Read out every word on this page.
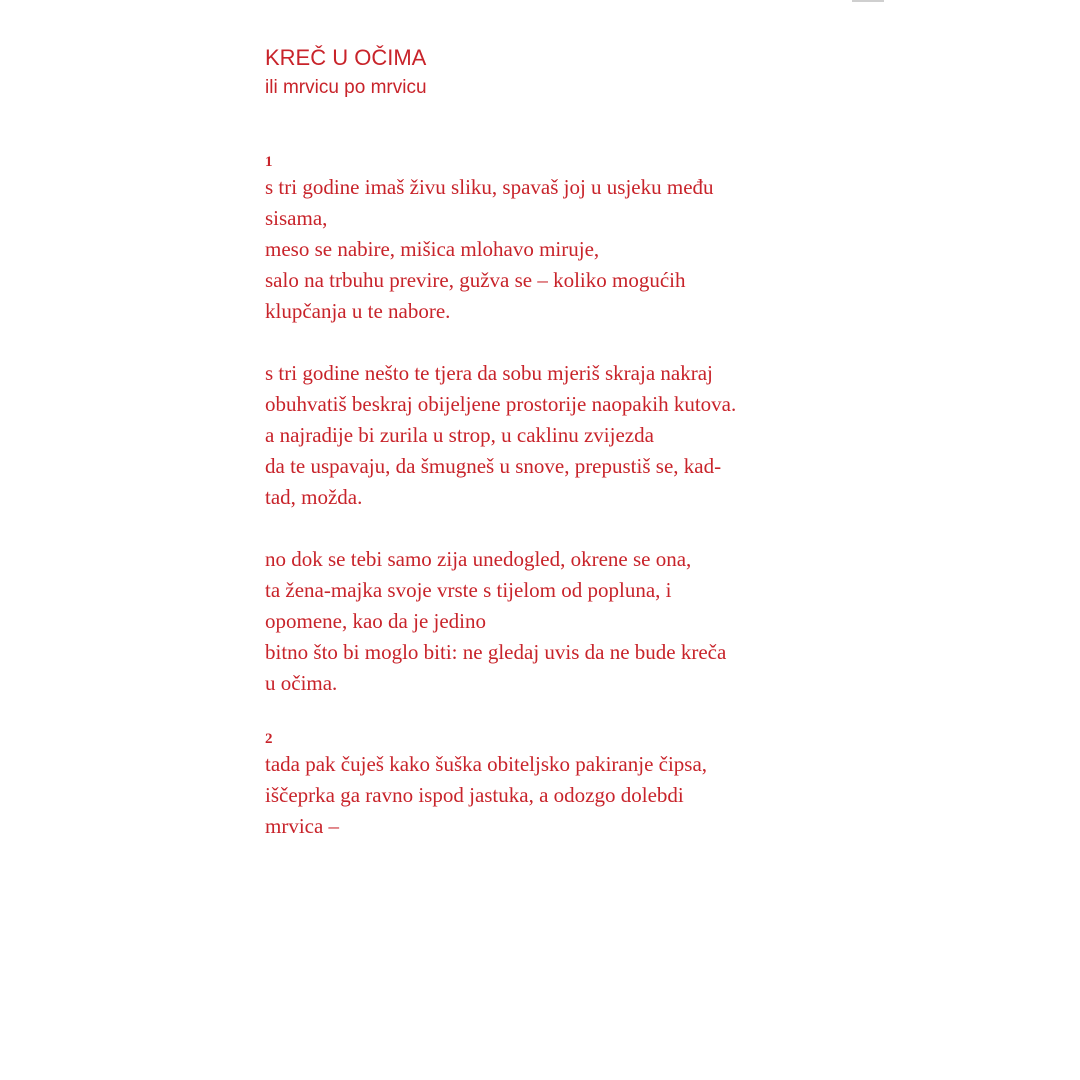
KREČ U OČIMA
ili mrvicu po mrvicu
1
s tri godine imaš živu sliku, spavaš joj u usjeku među
sisama,
meso se nabire, mišica mlohavo miruje,
salo na trbuhu previre, gužva se – koliko mogućih
klupčanja u te nabore.
s tri godine nešto te tjera da sobu mjeriš skraja nakraj
obuhvatiš beskraj obijeljene prostorije naopakih kutova.
a najradije bi zurila u strop, u caklinu zvijezda
da te uspavaju, da šmugneš u snove, prepustiš se, kad-
tad, možda.
no dok se tebi samo zija unedogled, okrene se ona,
ta žena-majka svoje vrste s tijelom od popluna, i
opomene, kao da je jedino
bitno što bi moglo biti: ne gledaj uvis da ne bude kreča
u očima.
2
tada pak čuješ kako šuška obiteljsko pakiranje čipsa,
iščeprka ga ravno ispod jastuka, a odozgo dolebdi
mrvica –
